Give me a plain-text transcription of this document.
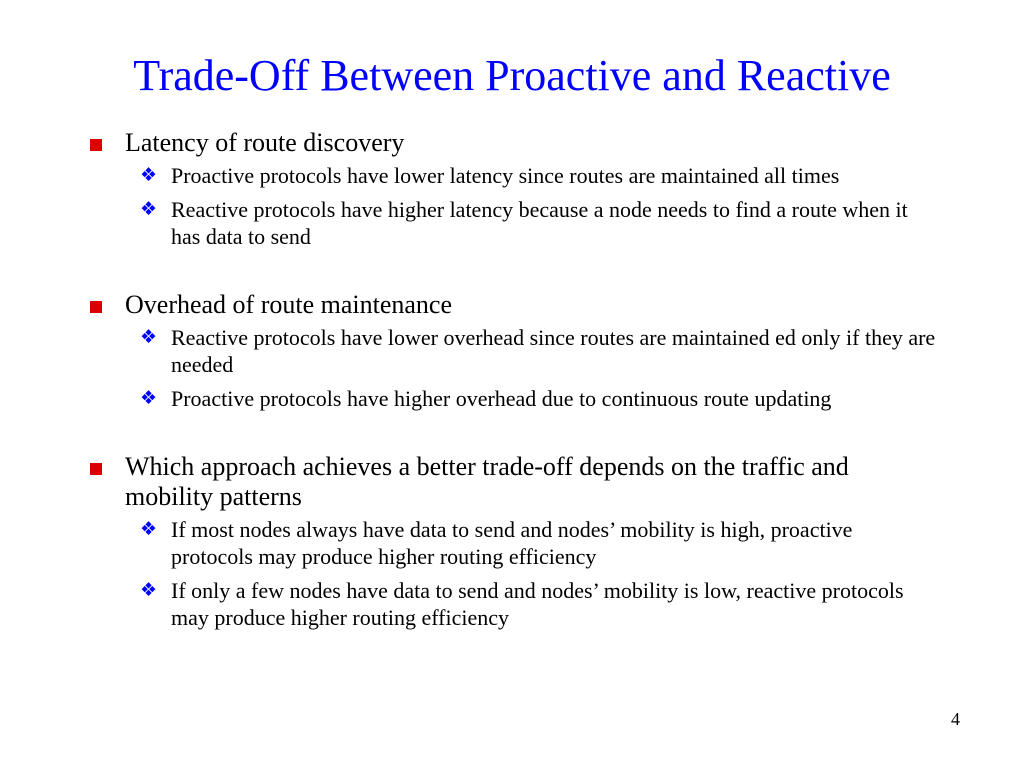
Trade-Off Between Proactive and Reactive
Latency of route discovery
❖ Proactive protocols have lower latency since routes are maintained all times
❖ Reactive protocols have higher latency because a node needs to find a route when it has data to send
Overhead of route maintenance
❖ Reactive protocols have lower overhead since routes are maintained ed only if they are needed
❖ Proactive protocols have higher overhead due to continuous route updating
Which approach achieves a better trade-off depends on the traffic and mobility patterns
❖ If most nodes always have data to send and nodes’ mobility is high, proactive protocols may produce higher routing efficiency
❖ If only a few nodes have data to send and nodes’ mobility is low, reactive protocols may produce higher routing efficiency
4
